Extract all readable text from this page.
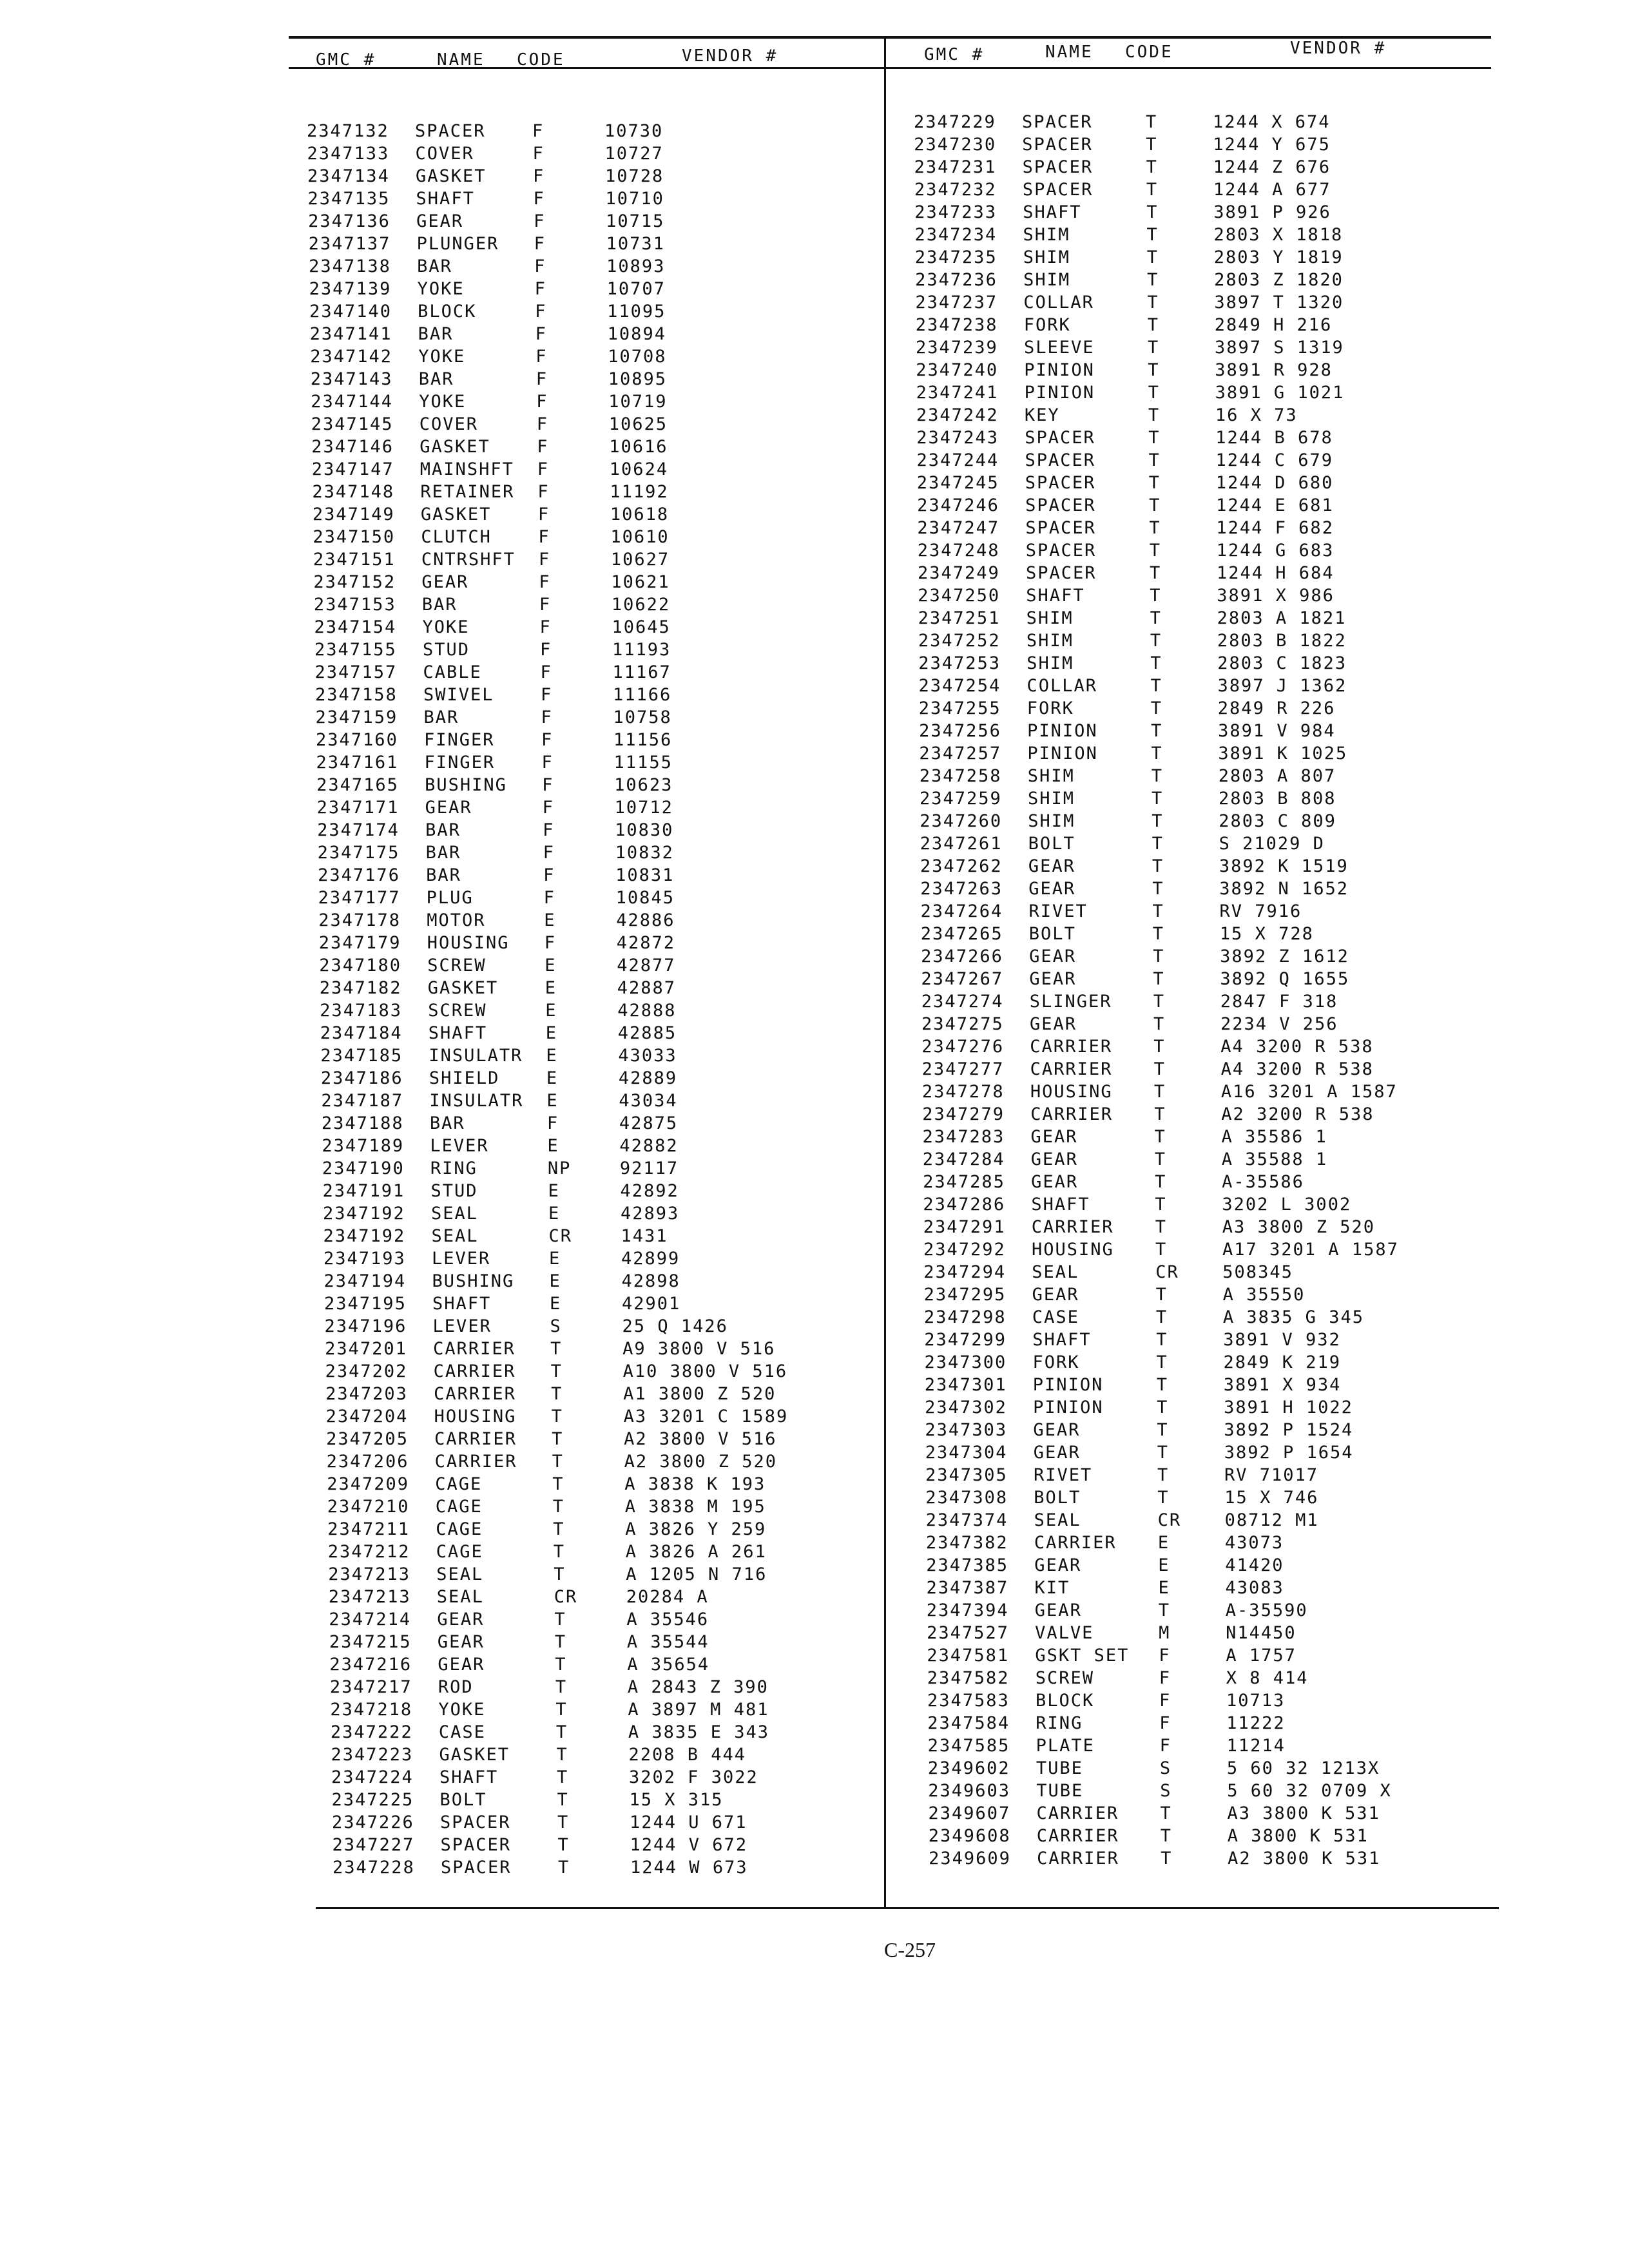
GMC #	NAME CODE	VENDOR #	GMC #	NAME CODE	VENDOR #
2347132 SPACER	F	10730
2347133 COVER	F	10727
2347134 GASKET	F	10728
2347135 SHAFT	F	10710
2347136 GEAR	F	10715
2347137 PLUNGER F	10731
2347138 BAR	F	10893
2347139 YOKE	F	10707
2347140 BLOCK	F	11095
2347141 BAR	F	10894
2347142 YOKE	F	10708
2347143 BAR	F	10895
2347144 YOKE	F	10719
2347145 COVER	F	10625
2347146 GASKET	F	10616
2347147 MAINSHFT F	10624
2347148 RETAINER F	11192
2347149 GASKET	F	10618
2347150 CLUTCH	F	10610
2347151 CNTRSHFT F	10627
2347152 GEAR	F	10621
2347153 BAR	F	10622
2347154 YOKE	F	10645
2347155 STUD	F	11193
2347157 CABLE	F	11167
2347158 SWIVEL	F	11166
2347159 BAR	F	10758
2347160 FINGER	F	11156
2347161 FINGER	F	11155
2347165 BUSHING F	10623
2347171 GEAR	F	10712
2347174 BAR	F	10830
2347175 BAR	F	10832
2347176 BAR	F	10831
2347177 PLUG	F	10845
2347178 MOTOR	E	42886
2347179 HOUSING F	42872
2347180 SCREW	E	42877
2347182 GASKET	E	42887
2347183 SCREW	E	42888
2347184 SHAFT	E	42885
2347185 INSULATR E	43033
2347186 SHIELD	E	42889
2347187 INSULATR E	43034
2347188 BAR	F	42875
2347189 LEVER	E	42882
2347190 RING	NP	92117
2347191 STUD	E	42892
2347192 SEAL	E	42893
2347192 SEAL	CR	1431
2347193 LEVER	E	42899
2347194 BUSHING E	42898
2347195 SHAFT	E	42901
2347196 LEVER	S	25 Q 1426
2347201 CARRIER T	A9 3800 V 516
2347202 CARRIER T	A10 3800 V 516
2347203 CARRIER T	A1 3800 Z 520
2347204 HOUSING T	A3 3201 C 1589
2347205 CARRIER T	A2 3800 V 516
2347206 CARRIER T	A2 3800 Z 520
2347209 CAGE	T	A 3838 K 193
2347210 CAGE	T	A 3838 M 195
2347211 CAGE	T	A 3826 Y 259
2347212 CAGE	T	A 3826 A 261
2347213 SEAL	T	A 1205 N 716
2347213 SEAL	CR	20284 A
2347214 GEAR	T	A 35546
2347215 GEAR	T	A 35544
2347216 GEAR	T	A 35654
2347217 ROD	T	A 2843 Z 390
2347218 YOKE	T	A 3897 M 481
2347222 CASE	T	A 3835 E 343
2347223 GASKET	T	2208 B 444
2347224 SHAFT	T	3202 F 3022
2347225 BOLT	T	15 X 315
2347226 SPACER	T	1244 U 671
2347227 SPACER	T	1244 V 672
2347228 SPACER	T	1244 W 673
2347229 SPACER	T	1244 X 674
2347230 SPACER	T	1244 Y 675
2347231 SPACER	T	1244 Z 676
2347232 SPACER	T	1244 A 677
2347233 SHAFT	T	3891 P 926
2347234 SHIM	T	2803 X 1818
2347235 SHIM	T	2803 Y 1819
2347236 SHIM	T	2803 Z 1820
2347237 COLLAR	T	3897 T 1320
2347238 FORK	T	2849 H 216
2347239 SLEEVE	T	3897 S 1319
2347240 PINION	T	3891 R 928
2347241 PINION	T	3891 G 1021
2347242 KEY	T	16 X 73
2347243 SPACER	T	1244 B 678
2347244 SPACER	T	1244 C 679
2347245 SPACER	T	1244 D 680
2347246 SPACER	T	1244 E 681
2347247 SPACER	T	1244 F 682
2347248 SPACER	T	1244 G 683
2347249 SPACER	T	1244 H 684
2347250 SHAFT	T	3891 X 986
2347251 SHIM	T	2803 A 1821
2347252 SHIM	T	2803 B 1822
2347253 SHIM	T	2803 C 1823
2347254 COLLAR	T	3897 J 1362
2347255 FORK	T	2849 R 226
2347256 PINION	T	3891 V 984
2347257 PINION	T	3891 K 1025
2347258 SHIM	T	2803 A 807
2347259 SHIM	T	2803 B 808
2347260 SHIM	T	2803 C 809
2347261 BOLT	T	S 21029 D
2347262 GEAR	T	3892 K 1519
2347263 GEAR	T	3892 N 1652
2347264 RIVET	T	RV 7916
2347265 BOLT	T	15 X 728
2347266 GEAR	T	3892 Z 1612
2347267 GEAR	T	3892 Q 1655
2347274 SLINGER T	2847 F 318
2347275 GEAR	T	2234 V 256
2347276 CARRIER T	A4 3200 R 538
2347277 CARRIER T	A4 3200 R 538
2347278 HOUSING T	A16 3201 A 1587
2347279 CARRIER T	A2 3200 R 538
2347283 GEAR	T	A 35586 1
2347284 GEAR	T	A 35588 1
2347285 GEAR	T	A-35586
2347286 SHAFT	T	3202 L 3002
2347291 CARRIER T	A3 3800 Z 520
2347292 HOUSING T	A17 3201 A 1587
2347294 SEAL	CR 508345
2347295 GEAR	T	A 35550
2347298 CASE	T	A 3835 G 345
2347299 SHAFT	T	3891 V 932
2347300 FORK	T	2849 K 219
2347301 PINION	T	3891 X 934
2347302 PINION	T	3891 H 1022
2347303 GEAR	T	3892 P 1524
2347304 GEAR	T	3892 P 1654
2347305 RIVET	T	RV 71017
2347308 BOLT	T	15 X 746
2347374 SEAL	CR 08712 M1
2347382 CARRIER E	43073
2347385 GEAR	E	41420
2347387 KIT	E	43083
2347394 GEAR	T	A-35590
2347527 VALVE	M	N14450
2347581 GSKT SET F	A 1757
2347582 SCREW	F	X 8 414
2347583 BLOCK	F	10713
2347584 RING	F	11222
2347585 PLATE	F	11214
2349602 TUBE	S	5 60 32 1213X
2349603 TUBE	S	5 60 32 0709 X
2349607 CARRIER T	A3 3800 K 531
2349608 CARRIER T	A 3800 K 531
2349609 CARRIER T	A2 3800 K 531
C-257
